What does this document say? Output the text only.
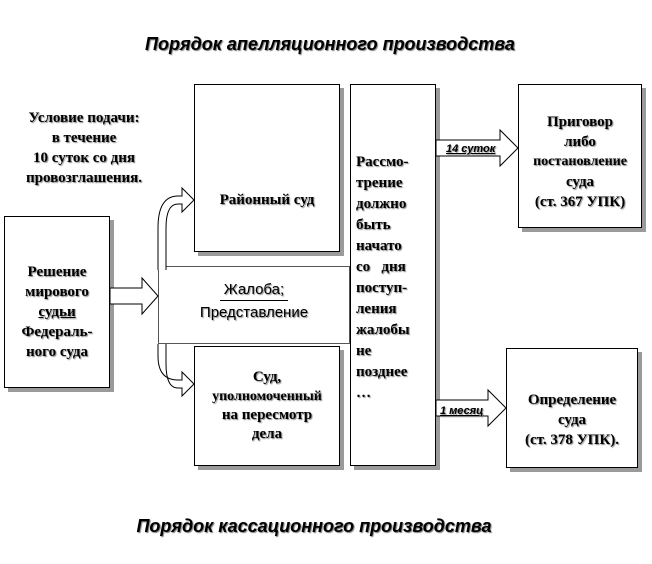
Порядок апелляционного производства
Условие подачи:
в течение
10 суток со дня
провозглашения.
Решение
мирового
судьи
Федераль-
ного суда
Районный суд
Жалоба;
Представление
Суд,
уполномоченный
на пересмотр
дела
Рассмо-
трение
должно
быть
начато
со   дня
поступ-
ления
жалобы
не
позднее
…
Приговор
либо
постановление
суда
(ст. 367 УПК)
Определение
суда
(ст. 378 УПК).
14 суток
1 месяц
Порядок кассационного производства
